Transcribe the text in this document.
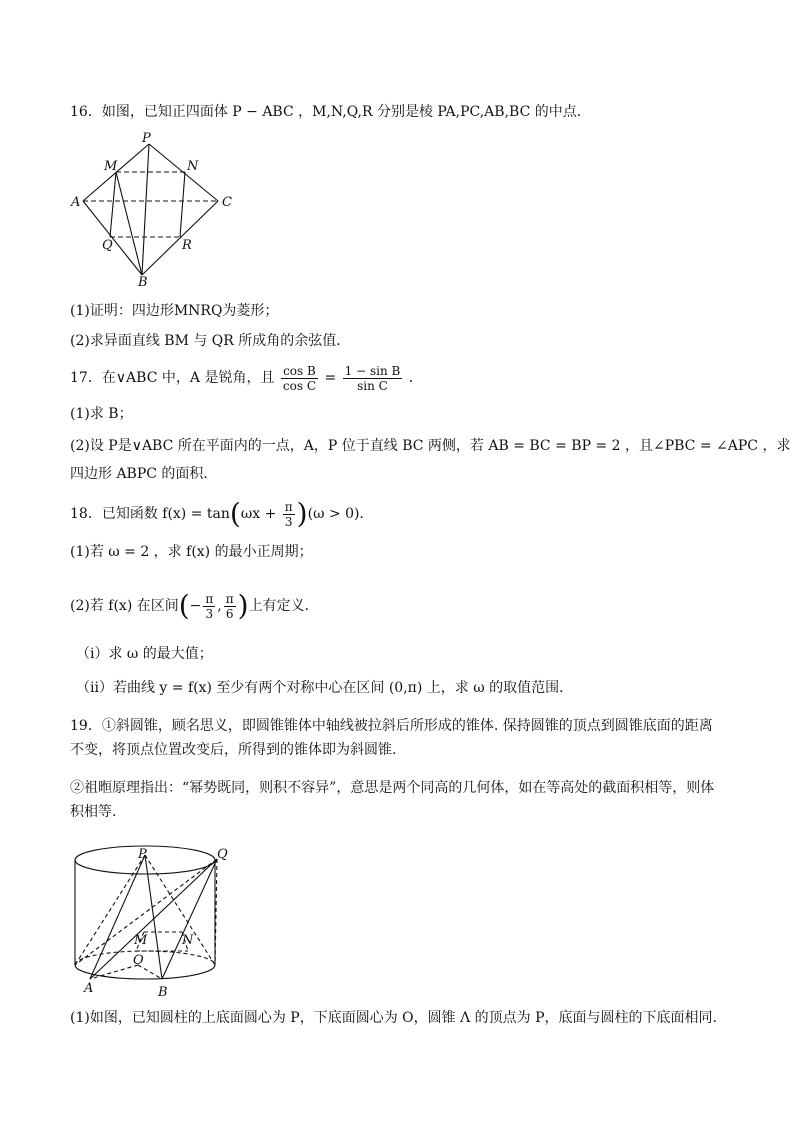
16．如图，已知正四面体 P − ABC ，M,N,Q,R 分别是棱 PA,PC,AB,BC 的中点．
P
M	N
A	C
Q	R
B
(1)证明：四边形MNRQ为菱形；
(2)求异面直线 BM 与 QR 所成角的余弦值．
17．在∨ABC 中，A 是锐角，且 $\frac{\text{cos B}}{\text{cos C}} = \frac{\text{1 − sin B}}{\text{sin C}}$ ．
(1)求 B；
(2)设 P是∨ABC 所在平面内的一点，A，P 位于直线 BC 两侧，若 AB = BC = BP = 2 ，且∠PBC = ∠APC ，求
四边形 ABPC 的面积．
18．已知函数 $f(x) = \tan(\omega x + \frac{\pi}{3} )(\omega > 0)$．
(1)若 ω = 2 ，求 f(x) 的最小正周期；
(2)若 f(x) 在区间(− $\frac{\pi}{3}$ , $\frac{\pi}{6}$ )上有定义．
（i）求 ω 的最大值；
（ii）若曲线 y = f(x) 至少有两个对称中心在区间 (0,π) 上，求 ω 的取值范围．
19．①斜圆锥，顾名思义，即圆锥锥体中轴线被拉斜后所形成的锥体. 保持圆锥的顶点到圆锥底面的距离不变，将顶点位置改变后，所得到的锥体即为斜圆锥.
②祖暅原理指出：“幂势既同，则积不容异”，意思是两个同高的几何体，如在等高处的截面积相等，则体积相等.
P	Q
M	N
O
A	B
(1)如图，已知圆柱的上底面圆心为 P，下底面圆心为 O，圆锥 Λ 的顶点为 P，底面与圆柱的下底面相同.
